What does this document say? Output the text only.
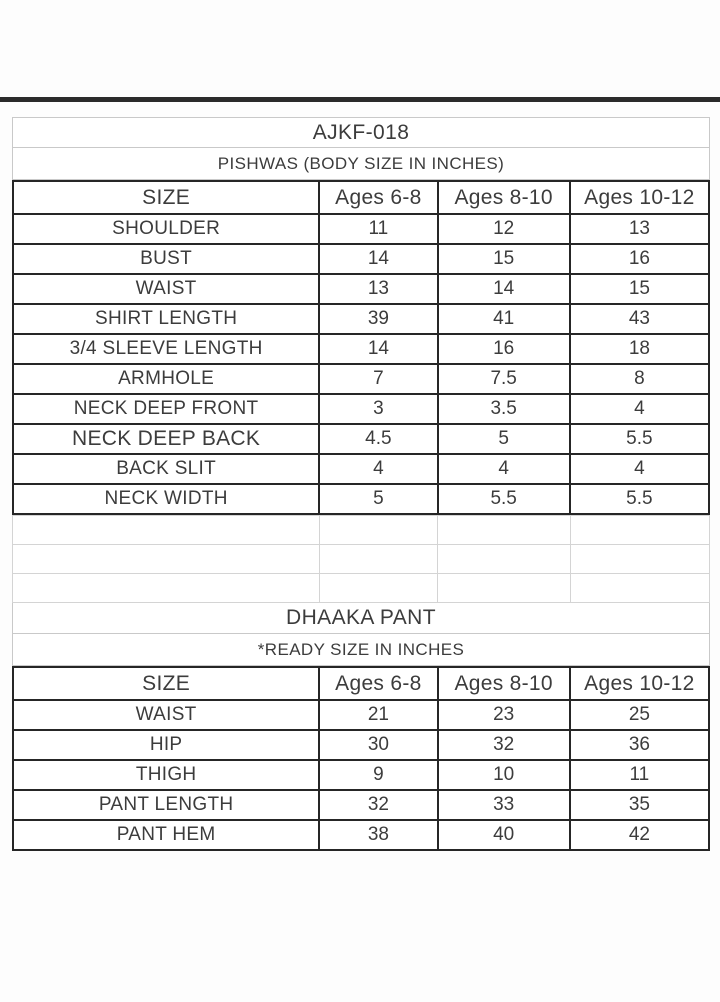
AJKF-018
PISHWAS (BODY SIZE IN INCHES)
SIZE	Ages 6-8	Ages 8-10	Ages 10-12
SHOULDER	11	12	13
BUST	14	15	16
WAIST	13	14	15
SHIRT LENGTH	39	41	43
3/4 SLEEVE LENGTH	14	16	18
ARMHOLE	7	7.5	8
NECK DEEP FRONT	3	3.5	4
NECK DEEP BACK	4.5	5	5.5
BACK SLIT	4	4	4
NECK WIDTH	5	5.5	5.5

DHAAKA PANT
*READY SIZE IN INCHES
SIZE	Ages 6-8	Ages 8-10	Ages 10-12
WAIST	21	23	25
HIP	30	32	36
THIGH	9	10	11
PANT LENGTH	32	33	35
PANT HEM	38	40	42
